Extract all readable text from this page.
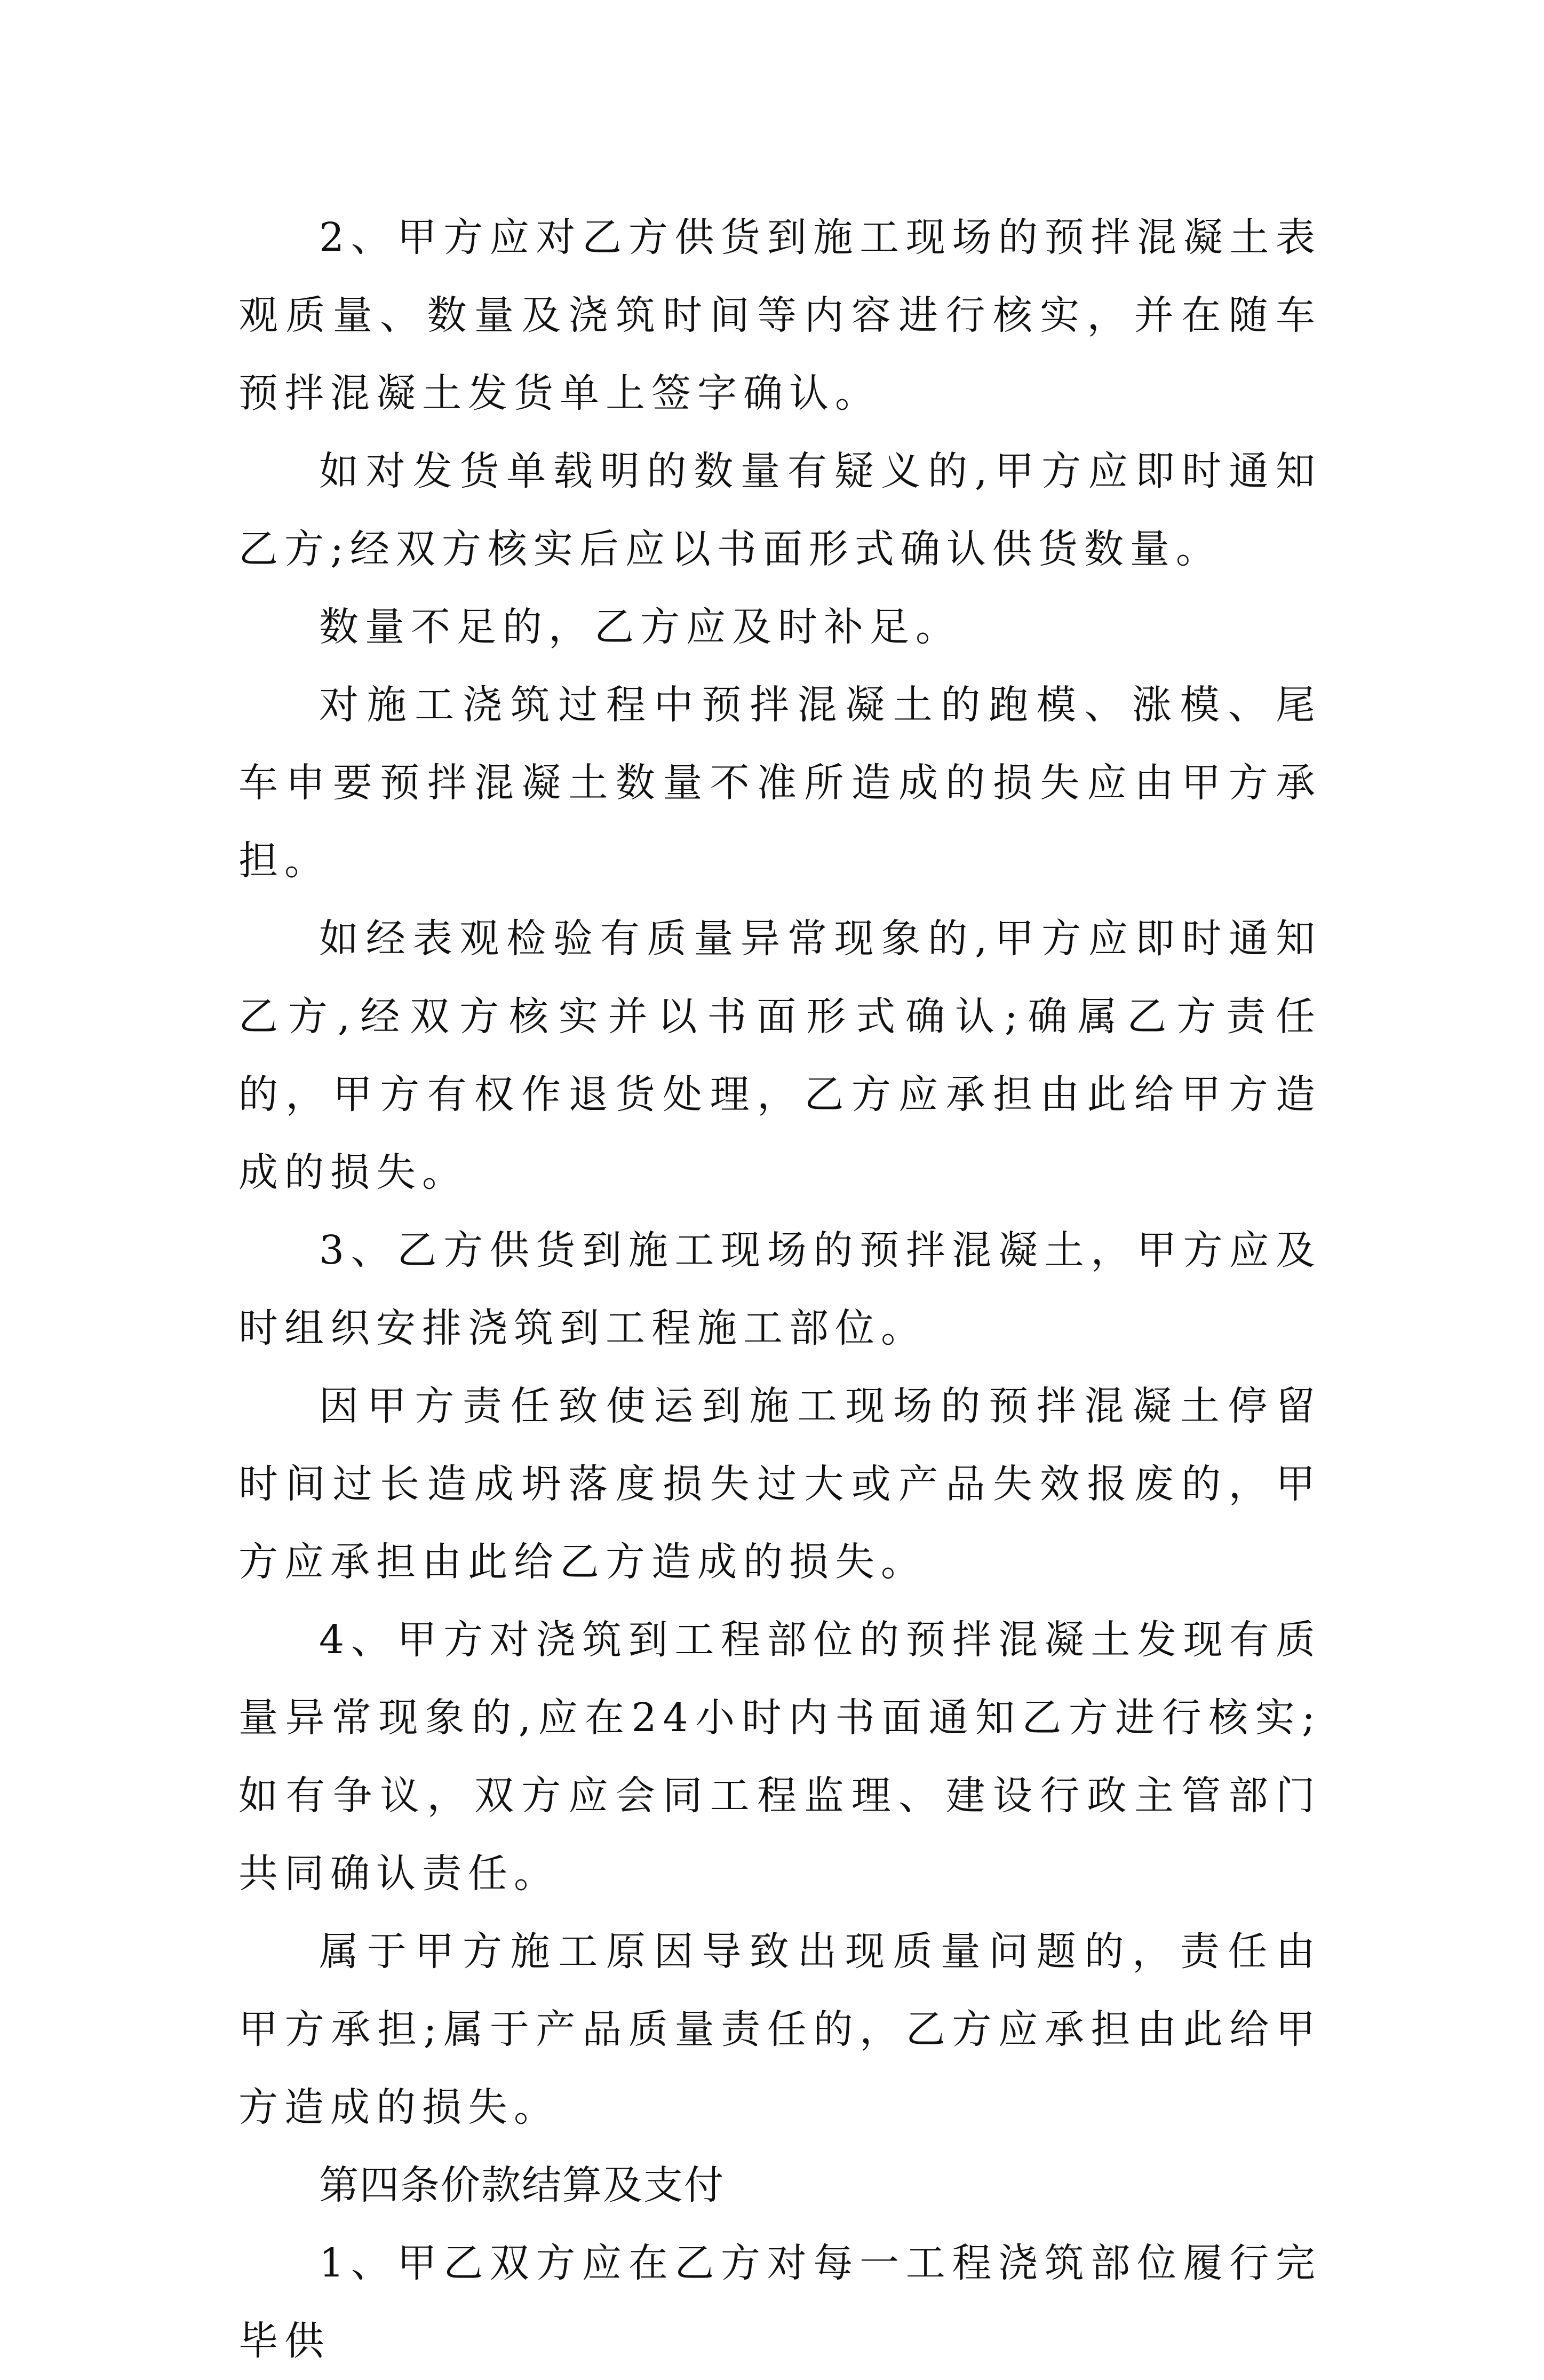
2、甲方应对乙方供货到施工现场的预拌混凝土表观质量、数量及浇筑时间等内容进行核实，并在随车预拌混凝土发货单上签字确认。

如对发货单载明的数量有疑义的,甲方应即时通知乙方;经双方核实后应以书面形式确认供货数量。

数量不足的，乙方应及时补足。

对施工浇筑过程中预拌混凝土的跑模、涨模、尾车申要预拌混凝土数量不准所造成的损失应由甲方承担。

如经表观检验有质量异常现象的,甲方应即时通知乙方,经双方核实并以书面形式确认;确属乙方责任的，甲方有权作退货处理，乙方应承担由此给甲方造成的损失。

3、乙方供货到施工现场的预拌混凝土，甲方应及时组织安排浇筑到工程施工部位。

因甲方责任致使运到施工现场的预拌混凝土停留时间过长造成坍落度损失过大或产品失效报废的，甲方应承担由此给乙方造成的损失。

4、甲方对浇筑到工程部位的预拌混凝土发现有质量异常现象的,应在24小时内书面通知乙方进行核实;如有争议，双方应会同工程监理、建设行政主管部门共同确认责任。

属于甲方施工原因导致出现质量问题的，责任由甲方承担;属于产品质量责任的，乙方应承担由此给甲方造成的损失。

第四条价款结算及支付

1、甲乙双方应在乙方对每一工程浇筑部位履行完毕供
